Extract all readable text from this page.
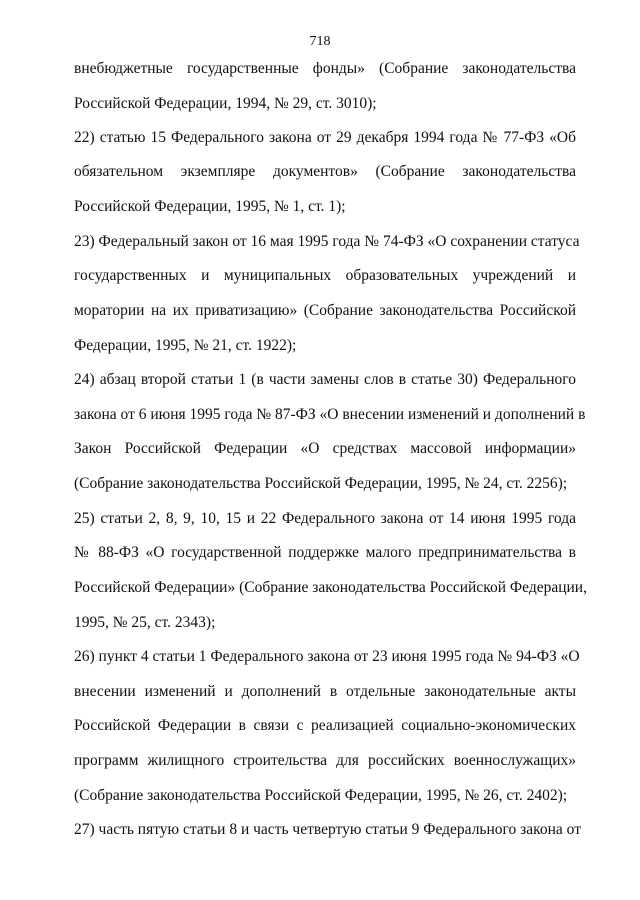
718
внебюджетные государственные фонды» (Собрание законодательства
Российской Федерации, 1994, № 29, ст. 3010);
22) статью 15 Федерального закона от 29 декабря 1994 года № 77-ФЗ «Об
обязательном экземпляре документов» (Собрание законодательства
Российской Федерации, 1995, № 1, ст. 1);
23) Федеральный закон от 16 мая 1995 года № 74-ФЗ «О сохранении статуса
государственных и муниципальных образовательных учреждений и
моратории на их приватизацию» (Собрание законодательства Российской
Федерации, 1995, № 21, ст. 1922);
24) абзац второй статьи 1 (в части замены слов в статье 30) Федерального
закона от 6 июня 1995 года № 87-ФЗ «О внесении изменений и дополнений в
Закон Российской Федерации «О средствах массовой информации»
(Собрание законодательства Российской Федерации, 1995, № 24, ст. 2256);
25) статьи 2, 8, 9, 10, 15 и 22 Федерального закона от 14 июня 1995 года
№ 88-ФЗ «О государственной поддержке малого предпринимательства в
Российской Федерации» (Собрание законодательства Российской Федерации,
1995, № 25, ст. 2343);
26) пункт 4 статьи 1 Федерального закона от 23 июня 1995 года № 94-ФЗ «О
внесении изменений и дополнений в отдельные законодательные акты
Российской Федерации в связи с реализацией социально-экономических
программ жилищного строительства для российских военнослужащих»
(Собрание законодательства Российской Федерации, 1995, № 26, ст. 2402);
27) часть пятую статьи 8 и часть четвертую статьи 9 Федерального закона от
